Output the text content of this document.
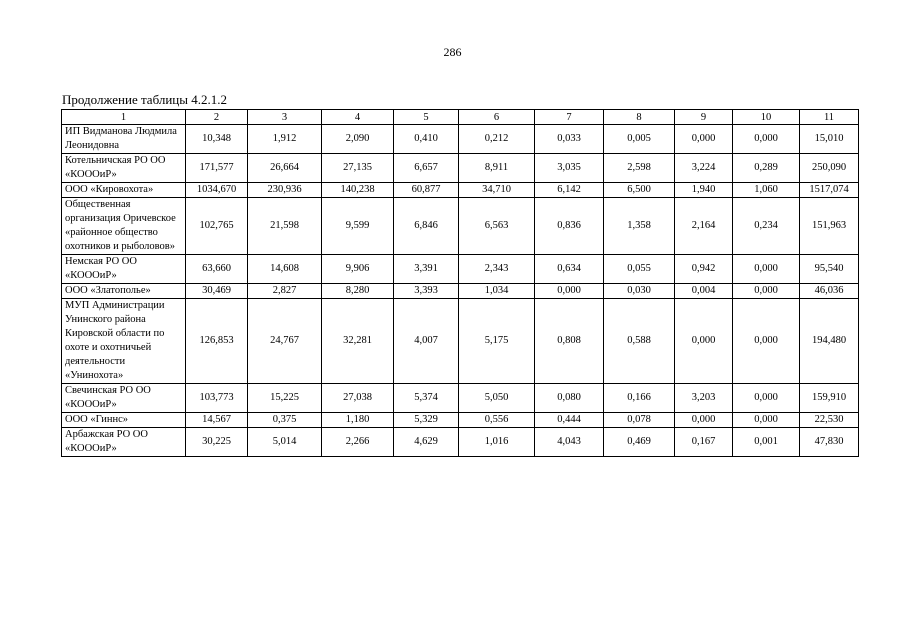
286
Продолжение таблицы 4.2.1.2
1	2	3	4	5	6	7	8	9	10	11
ИП Видманова Людмила Леонидовна	10,348	1,912	2,090	0,410	0,212	0,033	0,005	0,000	0,000	15,010
Котельничская РО ОО «КОООиР»	171,577	26,664	27,135	6,657	8,911	3,035	2,598	3,224	0,289	250,090
ООО «Кировохота»	1034,670	230,936	140,238	60,877	34,710	6,142	6,500	1,940	1,060	1517,074
Общественная организация Оричевское «районное общество охотников и рыболовов»	102,765	21,598	9,599	6,846	6,563	0,836	1,358	2,164	0,234	151,963
Немская РО ОО «КОООиР»	63,660	14,608	9,906	3,391	2,343	0,634	0,055	0,942	0,000	95,540
ООО «Златополье»	30,469	2,827	8,280	3,393	1,034	0,000	0,030	0,004	0,000	46,036
МУП Администрации Унинского района Кировской области по охоте и охотничьей деятельности «Унинохота»	126,853	24,767	32,281	4,007	5,175	0,808	0,588	0,000	0,000	194,480
Свечинская РО ОО «КОООиР»	103,773	15,225	27,038	5,374	5,050	0,080	0,166	3,203	0,000	159,910
ООО «Гиннс»	14,567	0,375	1,180	5,329	0,556	0,444	0,078	0,000	0,000	22,530
Арбажская РО ОО «КОООиР»	30,225	5,014	2,266	4,629	1,016	4,043	0,469	0,167	0,001	47,830
